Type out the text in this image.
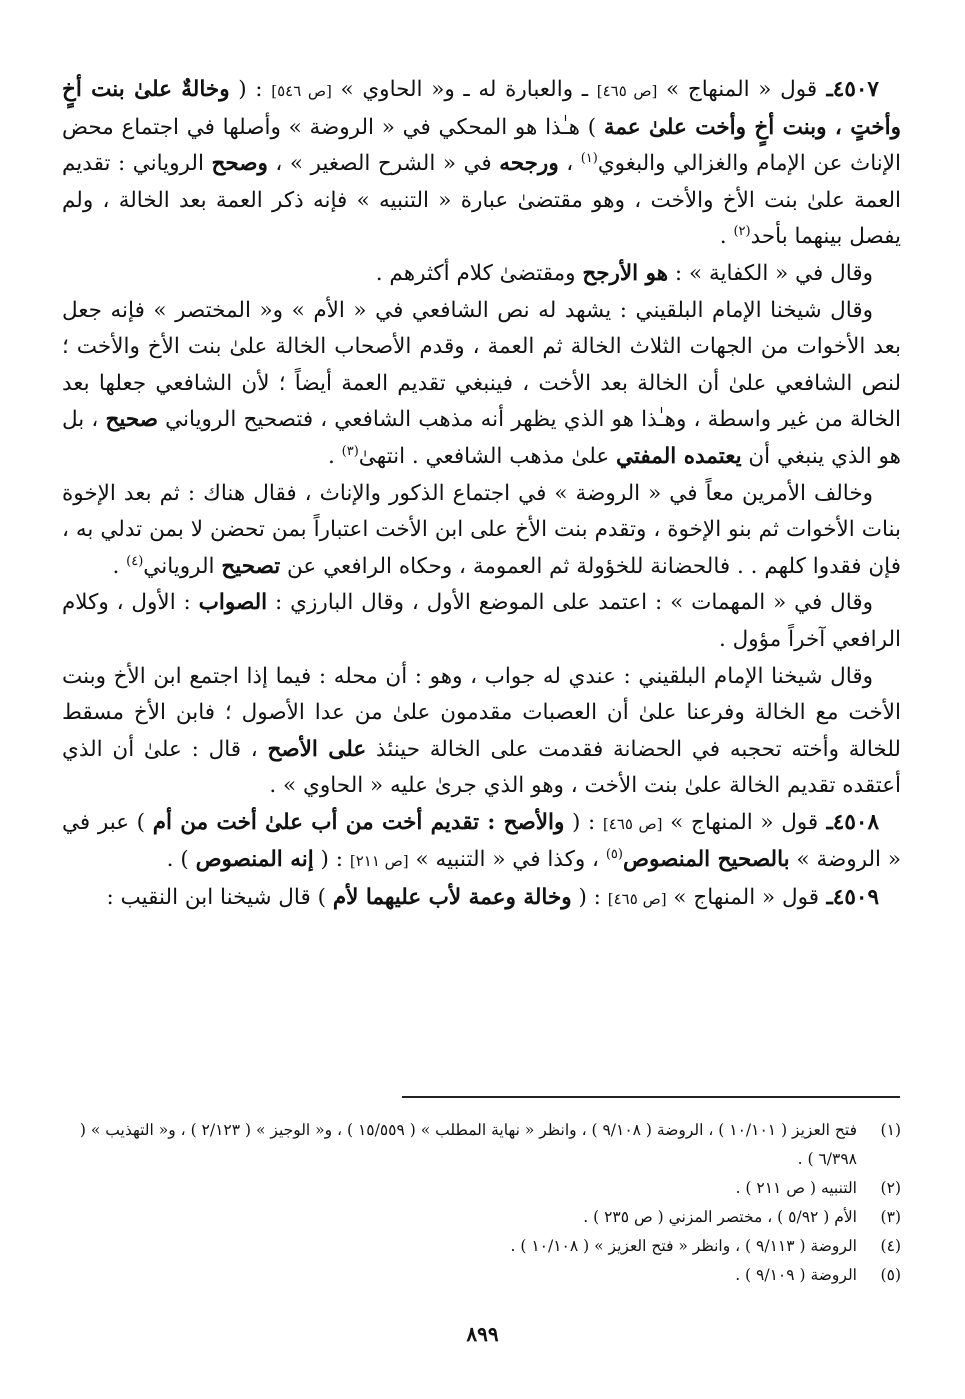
٤٥٠٧ـ قول « المنهاج » [ص ٤٦٥] ـ والعبارة له ـ و« الحاوي » [ص ٥٤٦] : ( وخالةٌ علىٰ بنت أخٍ وأختٍ ، وبنت أخٍ وأخت علىٰ عمة ) هـٰذا هو المحكي في « الروضة » وأصلها في اجتماع محض الإناث عن الإمام والغزالي والبغوي$^{(١)}$ ، ورجحه في « الشرح الصغير » ، وصحح الروياني : تقديم العمة علىٰ بنت الأخ والأخت ، وهو مقتضىٰ عبارة « التنبيه » فإنه ذكر العمة بعد الخالة ، ولم يفصل بينهما بأحد$^{(٢)}$ .

وقال في « الكفاية » : هو الأرجح ومقتضىٰ كلام أكثرهم .

وقال شيخنا الإمام البلقيني : يشهد له نص الشافعي في « الأم » و« المختصر » فإنه جعل بعد الأخوات من الجهات الثلاث الخالة ثم العمة ، وقدم الأصحاب الخالة علىٰ بنت الأخ والأخت ؛ لنص الشافعي علىٰ أن الخالة بعد الأخت ، فينبغي تقديم العمة أيضاً ؛ لأن الشافعي جعلها بعد الخالة من غير واسطة ، وهـٰذا هو الذي يظهر أنه مذهب الشافعي ، فتصحيح الروياني صحيح ، بل هو الذي ينبغي أن يعتمده المفتي علىٰ مذهب الشافعي . انتهىٰ$^{(٣)}$ .

وخالف الأمرين معاً في « الروضة » في اجتماع الذكور والإناث ، فقال هناك : ثم بعد الإخوة بنات الأخوات ثم بنو الإخوة ، وتقدم بنت الأخ على ابن الأخت اعتباراً بمن تحضن لا بمن تدلي به ، فإن فقدوا كلهم . . فالحضانة للخؤولة ثم العمومة ، وحكاه الرافعي عن تصحيح الروياني$^{(٤)}$ .

وقال في « المهمات » : اعتمد على الموضع الأول ، وقال البارزي : الصواب : الأول ، وكلام الرافعي آخراً مؤول .

وقال شيخنا الإمام البلقيني : عندي له جواب ، وهو : أن محله : فيما إذا اجتمع ابن الأخ وبنت الأخت مع الخالة وفرعنا علىٰ أن العصبات مقدمون علىٰ من عدا الأصول ؛ فابن الأخ مسقط للخالة وأخته تحجبه في الحضانة فقدمت على الخالة حينئذ على الأصح ، قال : علىٰ أن الذي أعتقده تقديم الخالة علىٰ بنت الأخت ، وهو الذي جرىٰ عليه « الحاوي » .

٤٥٠٨ـ قول « المنهاج » [ص ٤٦٥] : ( والأصح : تقديم أخت من أب علىٰ أخت من أم ) عبر في « الروضة » بالصحيح المنصوص$^{(٥)}$ ، وكذا في « التنبيه » [ص ٢١١] : ( إنه المنصوص ) .

٤٥٠٩ـ قول « المنهاج » [ص ٤٦٥] : ( وخالة وعمة لأب عليهما لأم ) قال شيخنا ابن النقيب :

(١)
فتح العزيز ( ١٠/١٠١ ) ، الروضة ( ٩/١٠٨ ) ، وانظر « نهاية المطلب » ( ١٥/٥٥٩ ) ، و« الوجيز » ( ٢/١٢٣ ) ، و« التهذيب » ( ٦/٣٩٨ ) .
(٢)
التنبيه ( ص ٢١١ ) .
(٣)
الأم ( ٥/٩٢ ) ، مختصر المزني ( ص ٢٣٥ ) .
(٤)
الروضة ( ٩/١١٣ ) ، وانظر « فتح العزيز » ( ١٠/١٠٨ ) .
(٥)
الروضة ( ٩/١٠٩ ) .
٨٩٩
